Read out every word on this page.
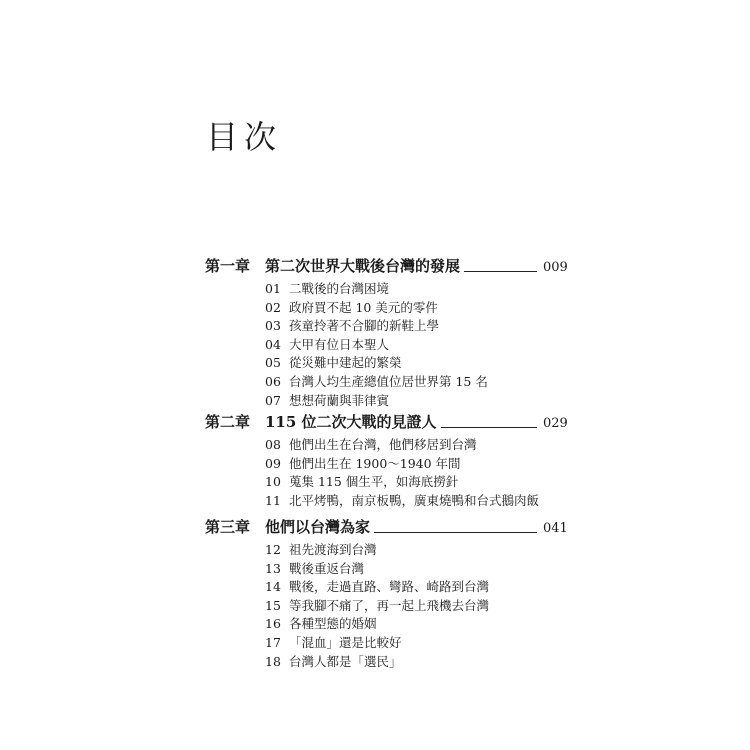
目次
第一章 第二次世界大戰後台灣的發展	009
01 二戰後的台灣困境
02 政府買不起 10 美元的零件
03 孩童拎著不合腳的新鞋上學
04 大甲有位日本聖人
05 從災難中建起的繁榮
06 台灣人均生產總值位居世界第 15 名
07 想想荷蘭與菲律賓
第二章 115 位二次大戰的見證人	029
08 他們出生在台灣，他們移居到台灣
09 他們出生在 1900～1940 年間
10 蒐集 115 個生平，如海底撈針
11 北平烤鴨，南京板鴨，廣東燒鴨和台式鵝肉飯
第三章 他們以台灣為家	041
12 祖先渡海到台灣
13 戰後重返台灣
14 戰後，走過直路、彎路、崎路到台灣
15 等我腳不痛了，再一起上飛機去台灣
16 各種型態的婚姻
17 「混血」還是比較好
18 台灣人都是「選民」
